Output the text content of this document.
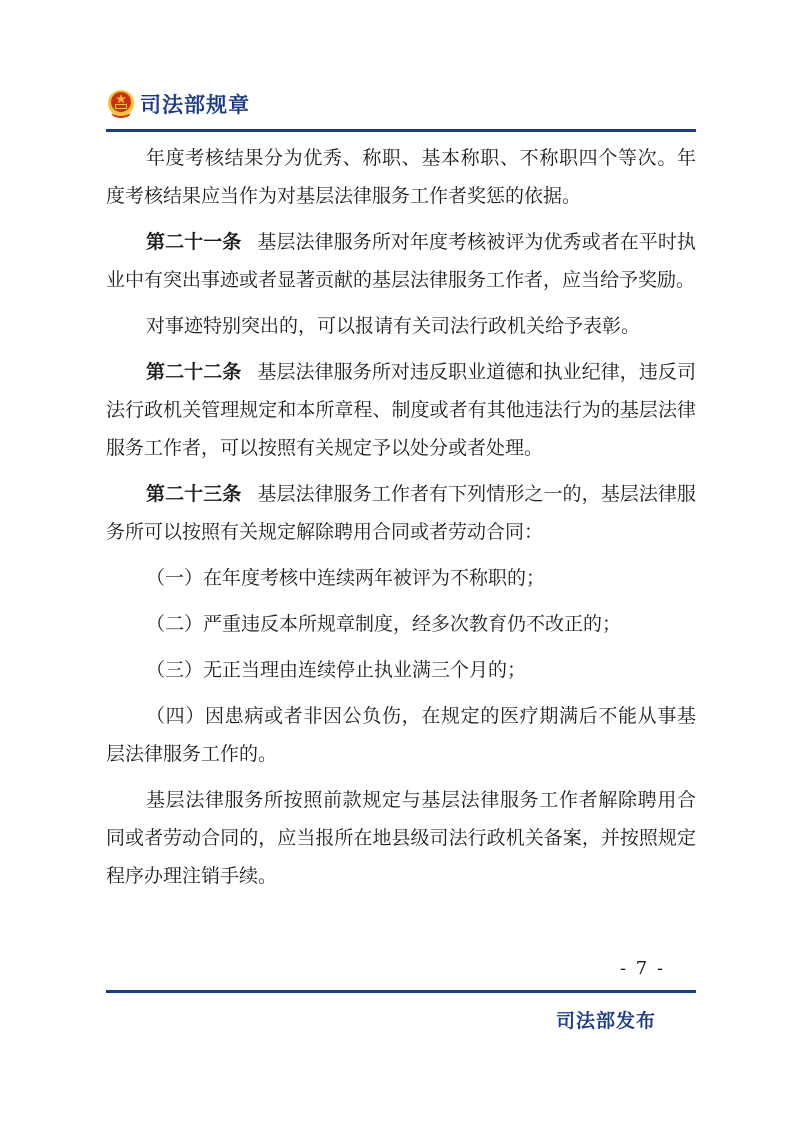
司法部规章

年度考核结果分为优秀、称职、基本称职、不称职四个等次。年度考核结果应当作为对基层法律服务工作者奖惩的依据。

第二十一条 基层法律服务所对年度考核被评为优秀或者在平时执业中有突出事迹或者显著贡献的基层法律服务工作者，应当给予奖励。

对事迹特别突出的，可以报请有关司法行政机关给予表彰。

第二十二条 基层法律服务所对违反职业道德和执业纪律，违反司法行政机关管理规定和本所章程、制度或者有其他违法行为的基层法律服务工作者，可以按照有关规定予以处分或者处理。

第二十三条 基层法律服务工作者有下列情形之一的，基层法律服务所可以按照有关规定解除聘用合同或者劳动合同：

（一）在年度考核中连续两年被评为不称职的；

（二）严重违反本所规章制度，经多次教育仍不改正的；

（三）无正当理由连续停止执业满三个月的；

（四）因患病或者非因公负伤，在规定的医疗期满后不能从事基层法律服务工作的。

基层法律服务所按照前款规定与基层法律服务工作者解除聘用合同或者劳动合同的，应当报所在地县级司法行政机关备案，并按照规定程序办理注销手续。

- 7 -
司法部发布
